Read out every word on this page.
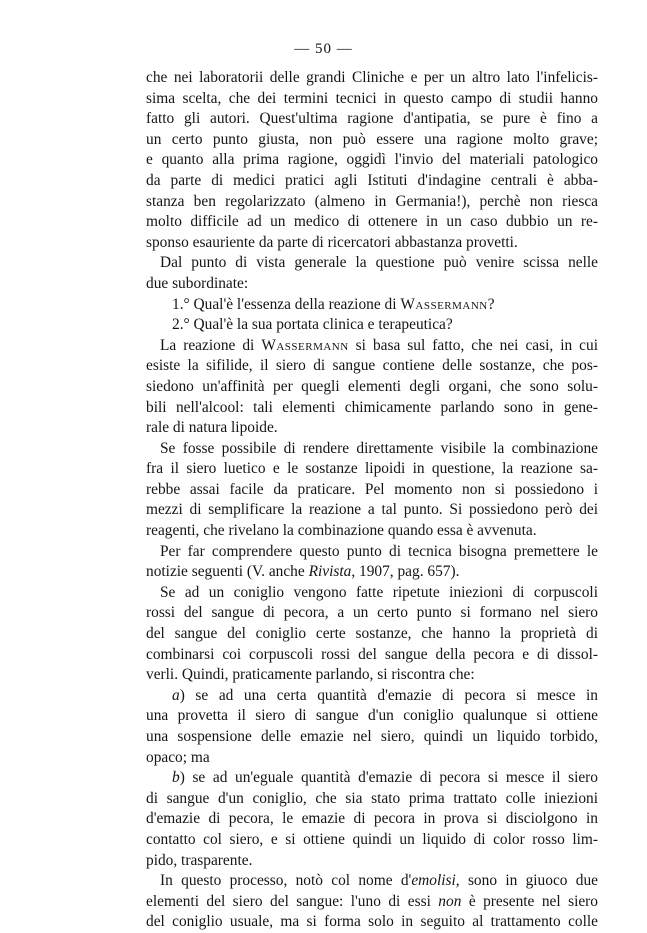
— 50 —

che nei laboratorii delle grandi Cliniche e per un altro lato l'infelicis-

sima scelta, che dei termini tecnici in questo campo di studii hanno

fatto gli autori. Quest'ultima ragione d'antipatia, se pure è fino a

un certo punto giusta, non può essere una ragione molto grave;

e quanto alla prima ragione, oggidì l'invio del materiali patologico

da parte di medici pratici agli Istituti d'indagine centrali è abba-

stanza ben regolarizzato (almeno in Germania!), perchè non riesca

molto difficile ad un medico di ottenere in un caso dubbio un re-

sponso esauriente da parte di ricercatori abbastanza provetti.

Dal punto di vista generale la questione può venire scissa nelle

due subordinate:

1.° Qual'è l'essenza della reazione di Wassermann?

2.° Qual'è la sua portata clinica e terapeutica?

La reazione di Wassermann si basa sul fatto, che nei casi, in cui

esiste la sifilide, il siero di sangue contiene delle sostanze, che pos-

siedono un'affinità per quegli elementi degli organi, che sono solu-

bili nell'alcool: tali elementi chimicamente parlando sono in gene-

rale di natura lipoide.

Se fosse possibile di rendere direttamente visibile la combinazione

fra il siero luetico e le sostanze lipoidi in questione, la reazione sa-

rebbe assai facile da praticare. Pel momento non si possiedono i

mezzi di semplificare la reazione a tal punto. Si possiedono però dei

reagenti, che rivelano la combinazione quando essa è avvenuta.

Per far comprendere questo punto di tecnica bisogna premettere le

notizie seguenti (V. anche Rivista, 1907, pag. 657).

Se ad un coniglio vengono fatte ripetute iniezioni di corpuscoli

rossi del sangue di pecora, a un certo punto si formano nel siero

del sangue del coniglio certe sostanze, che hanno la proprietà di

combinarsi coi corpuscoli rossi del sangue della pecora e di dissol-

verli. Quindi, praticamente parlando, si riscontra che:

a) se ad una certa quantità d'emazie di pecora si mesce in

una provetta il siero di sangue d'un coniglio qualunque si ottiene

una sospensione delle emazie nel siero, quindi un liquido torbido,

opaco; ma

b) se ad un'eguale quantità d'emazie di pecora si mesce il siero

di sangue d'un coniglio, che sia stato prima trattato colle iniezioni

d'emazie di pecora, le emazie di pecora in prova si disciolgono in

contatto col siero, e si ottiene quindi un liquido di color rosso lim-

pido, trasparente.

In questo processo, notò col nome d'emolisi, sono in giuoco due

elementi del siero del sangue: l'uno di essi non è presente nel siero

del coniglio usuale, ma si forma solo in seguito al trattamento colle
